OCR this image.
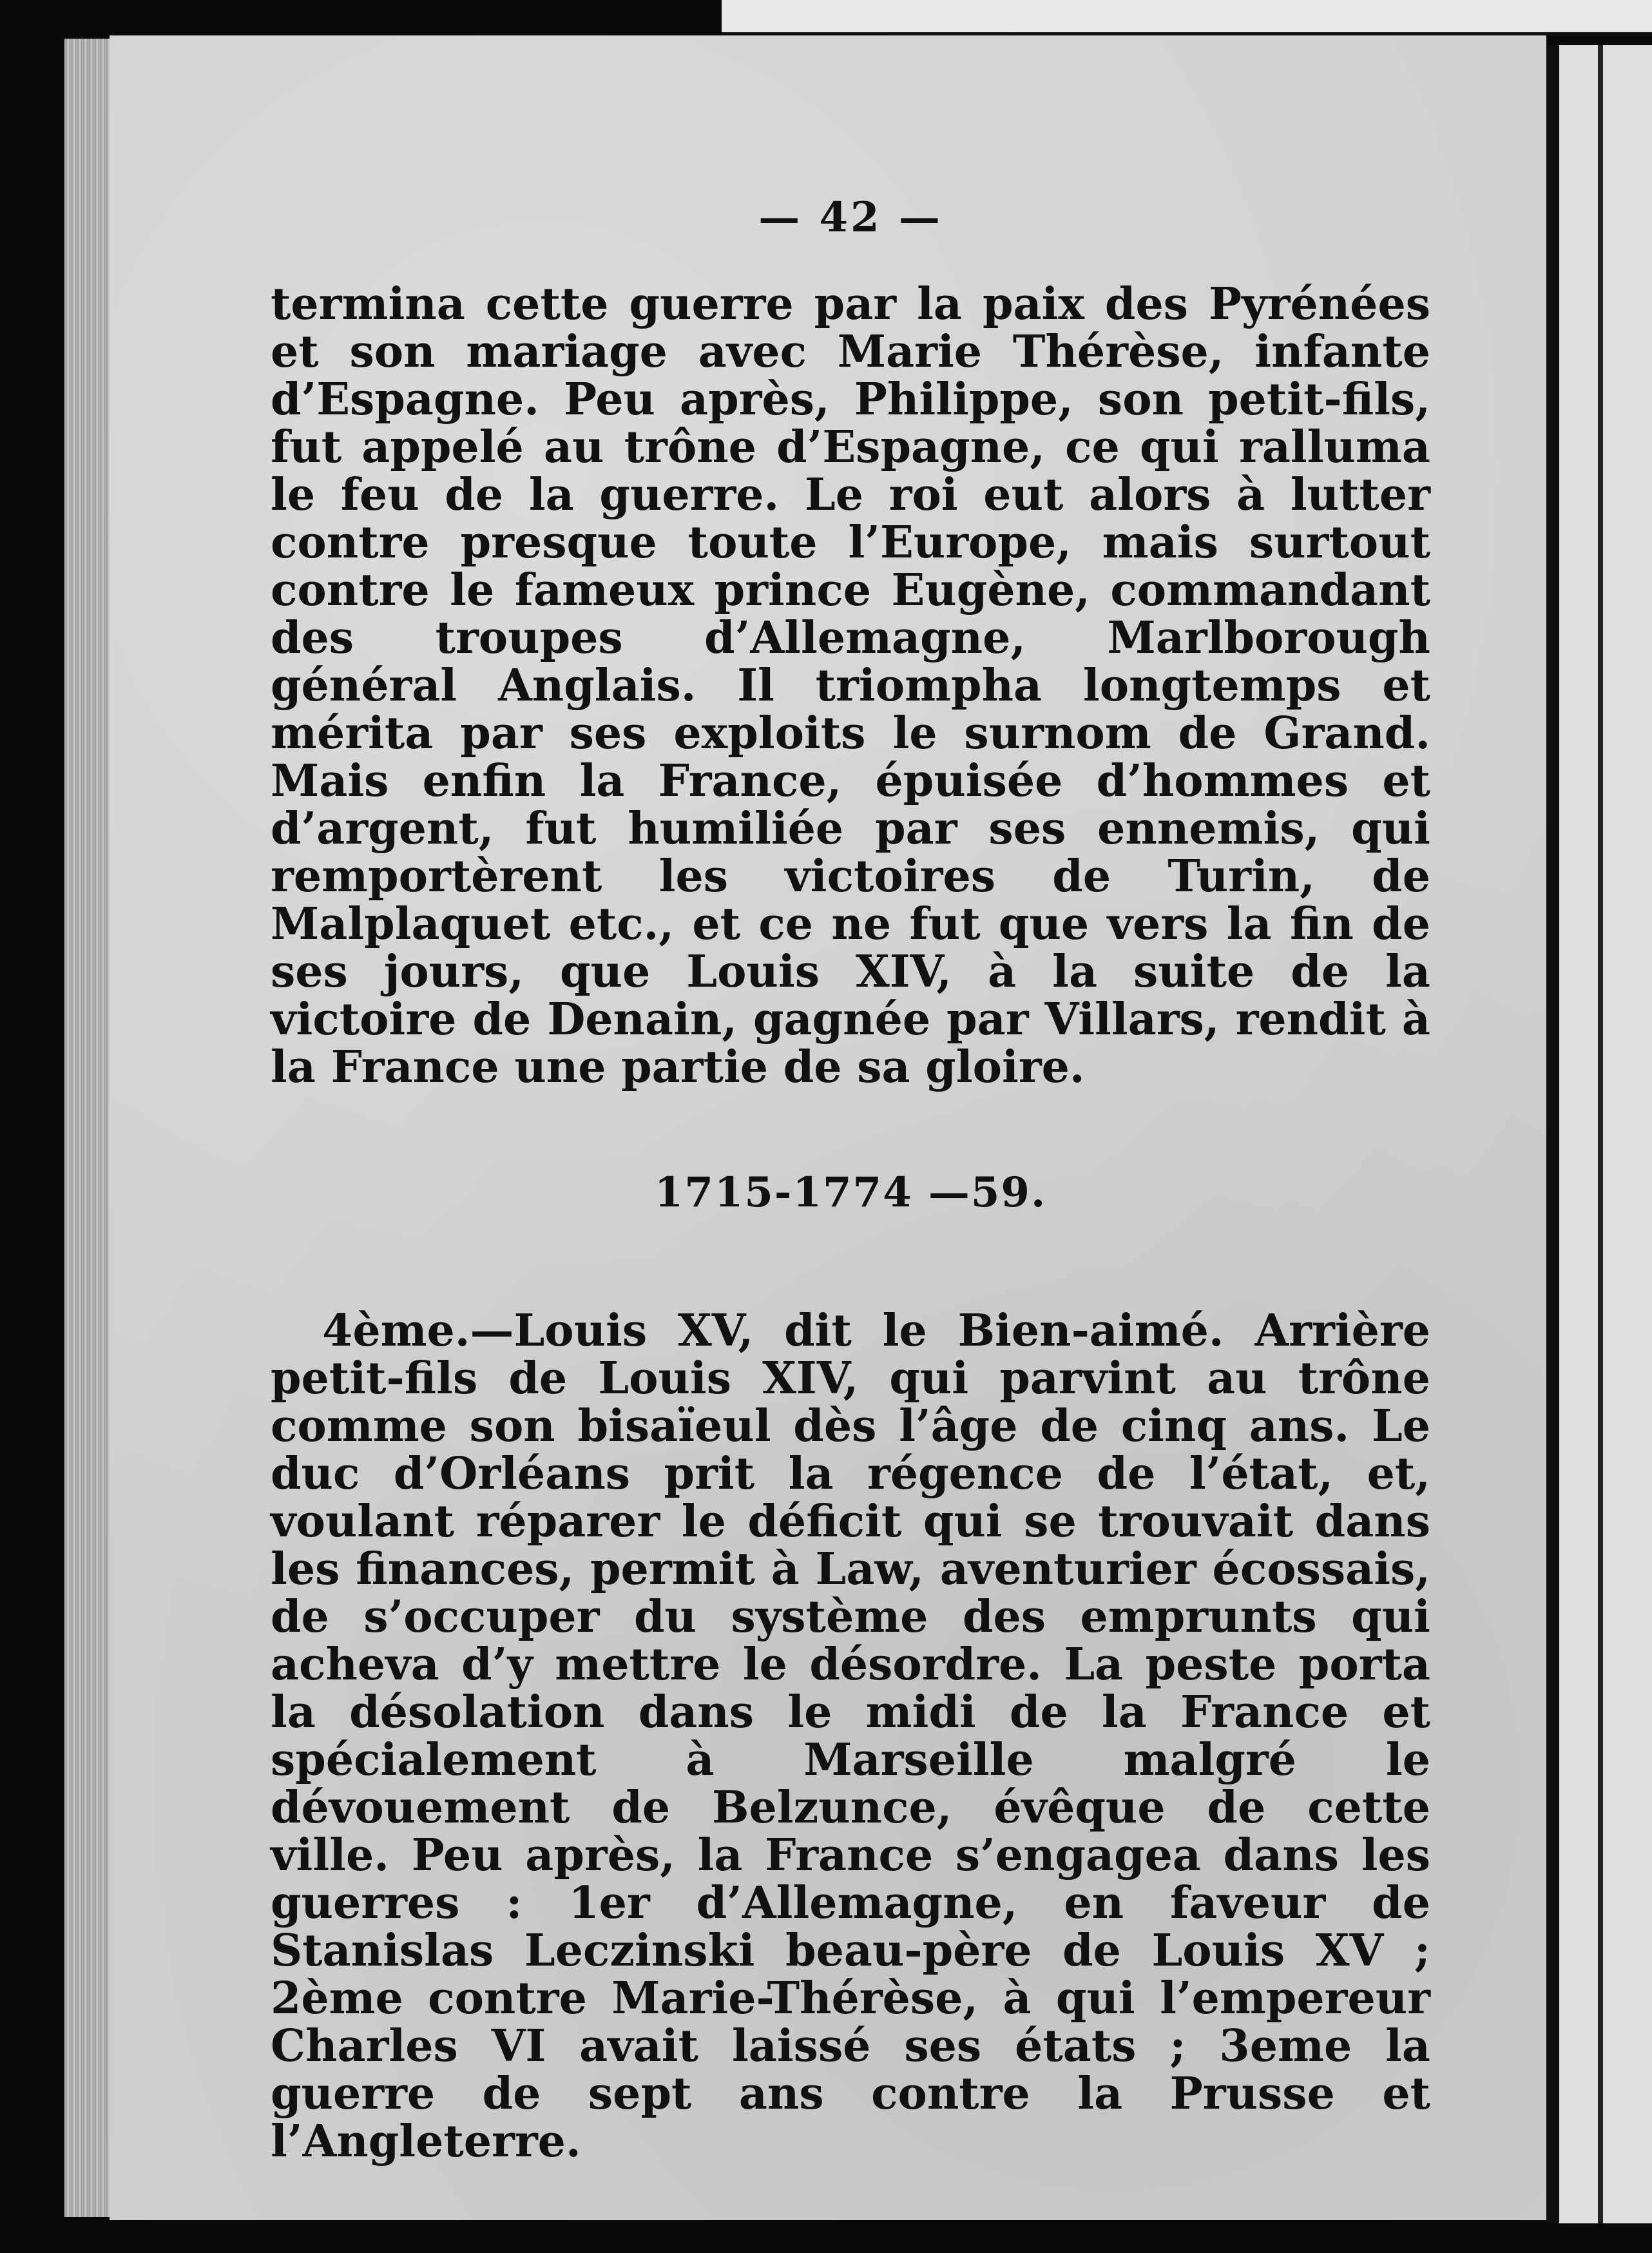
— 42 —

termina cette guerre par la paix des Pyrénées et son mariage avec Marie Thérèse, infante d’Espagne. Peu après, Philippe, son petit-fils, fut appelé au trône d’Espagne, ce qui ralluma le feu de la guerre. Le roi eut alors à lutter contre presque toute l’Europe, mais surtout contre le fameux prince Eugène, commandant des troupes d’Allemagne, Marlborough général Anglais. Il triompha longtemps et mérita par ses exploits le surnom de Grand. Mais enfin la France, épuisée d’hommes et d’argent, fut humiliée par ses ennemis, qui remportèrent les victoires de Turin, de Malplaquet etc., et ce ne fut que vers la fin de ses jours, que Louis XIV, à la suite de la victoire de Denain, gagnée par Villars, rendit à la France une partie de sa gloire.

1715-1774 —59.

4ème.—Louis XV, dit le Bien-aimé. Arrière petit-fils de Louis XIV, qui parvint au trône comme son bisaïeul dès l’âge de cinq ans. Le duc d’Orléans prit la régence de l’état, et, voulant réparer le déficit qui se trouvait dans les finances, permit à Law, aventurier écossais, de s’occuper du système des emprunts qui acheva d’y mettre le désordre. La peste porta la désolation dans le midi de la France et spécialement à Marseille malgré le dévouement de Belzunce, évêque de cette ville. Peu après, la France s’engagea dans les guerres : 1er d’Allemagne, en faveur de Stanislas Leczinski beau-père de Louis XV ; 2ème contre Marie-Thérèse, à qui l’empereur Charles VI avait laissé ses états ; 3eme la guerre de sept ans contre la Prusse et l’Angleterre.
